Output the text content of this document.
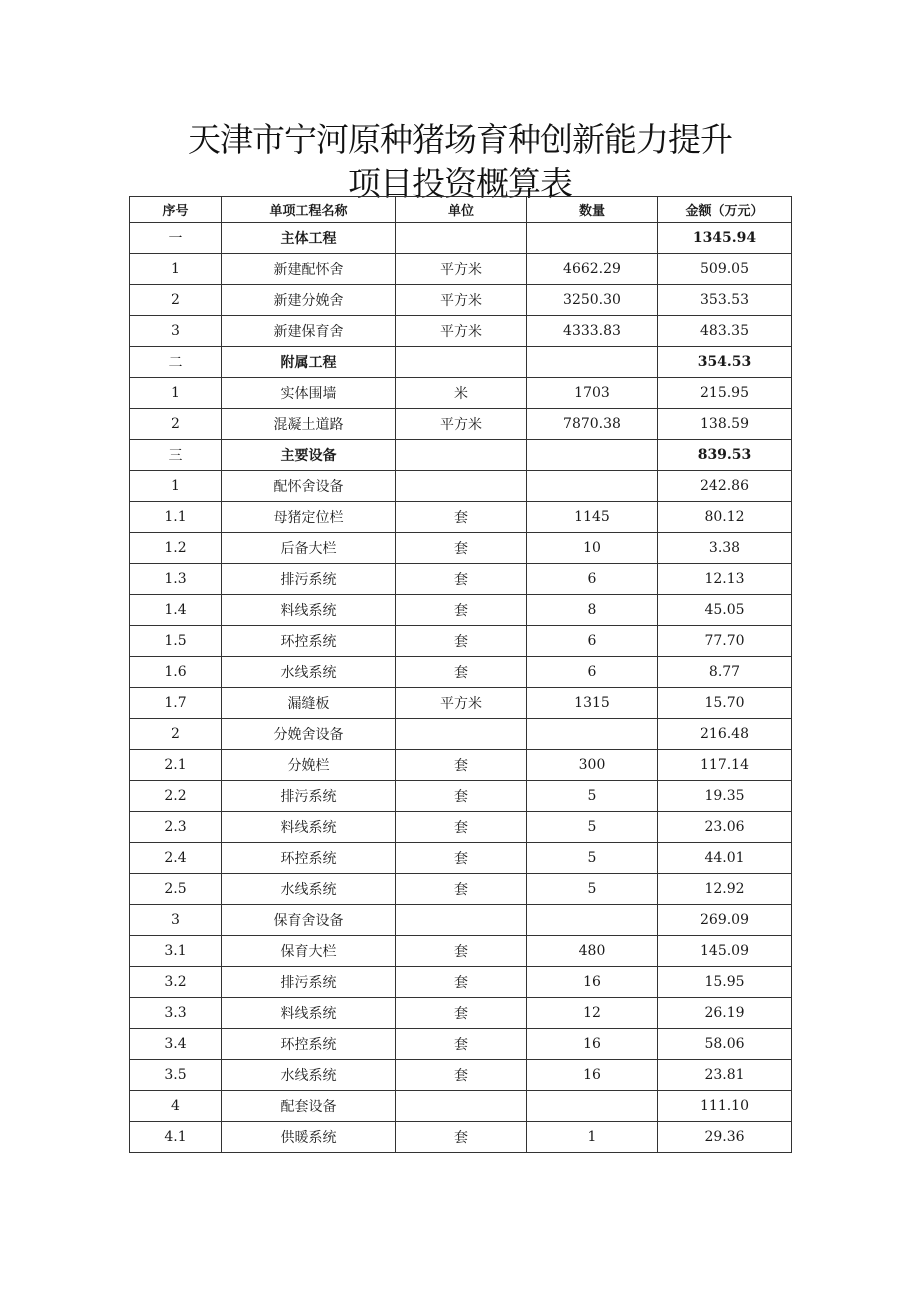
天津市宁河原种猪场育种创新能力提升
项目投资概算表
序号	单项工程名称	单位	数量	金额（万元）
一	主体工程			1345.94
1	新建配怀舍	平方米	4662.29	509.05
2	新建分娩舍	平方米	3250.30	353.53
3	新建保育舍	平方米	4333.83	483.35
二	附属工程			354.53
1	实体围墙	米	1703	215.95
2	混凝土道路	平方米	7870.38	138.59
三	主要设备			839.53
1	配怀舍设备			242.86
1.1	母猪定位栏	套	1145	80.12
1.2	后备大栏	套	10	3.38
1.3	排污系统	套	6	12.13
1.4	料线系统	套	8	45.05
1.5	环控系统	套	6	77.70
1.6	水线系统	套	6	8.77
1.7	漏缝板	平方米	1315	15.70
2	分娩舍设备			216.48
2.1	分娩栏	套	300	117.14
2.2	排污系统	套	5	19.35
2.3	料线系统	套	5	23.06
2.4	环控系统	套	5	44.01
2.5	水线系统	套	5	12.92
3	保育舍设备			269.09
3.1	保育大栏	套	480	145.09
3.2	排污系统	套	16	15.95
3.3	料线系统	套	12	26.19
3.4	环控系统	套	16	58.06
3.5	水线系统	套	16	23.81
4	配套设备			111.10
4.1	供暖系统	套	1	29.36
